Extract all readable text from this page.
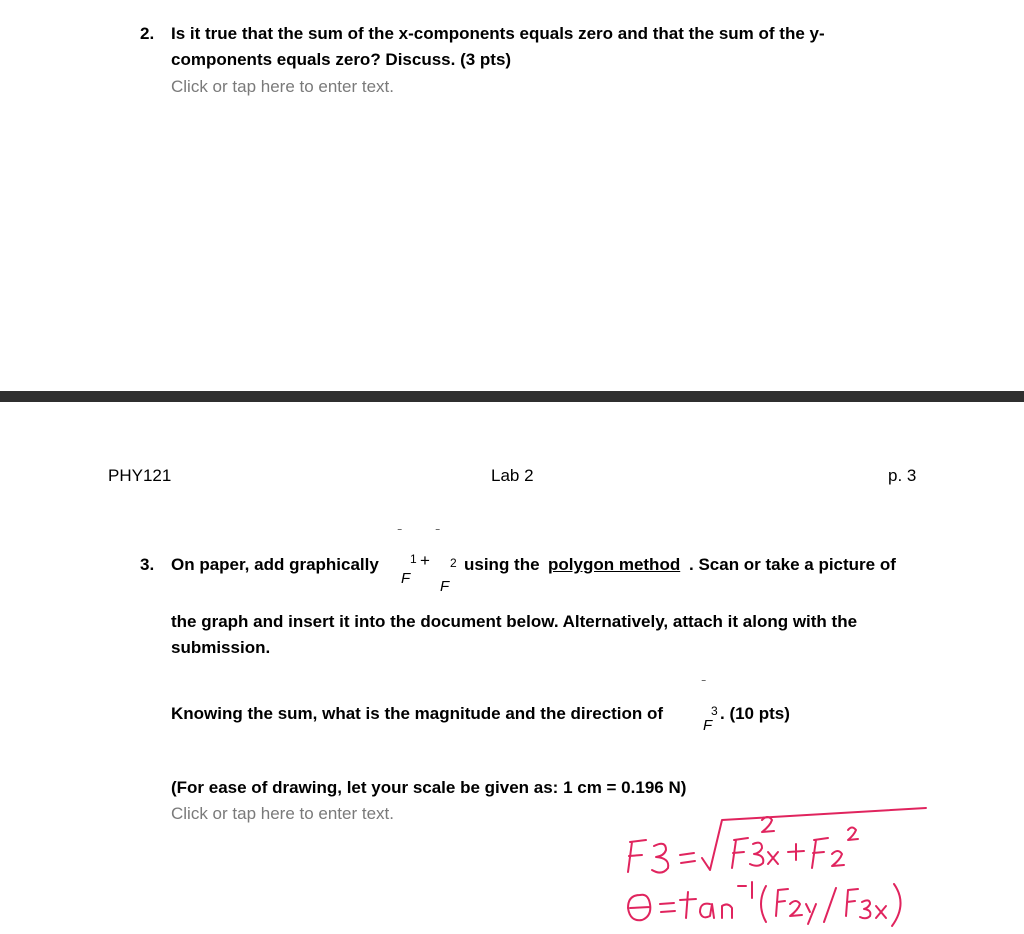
2. Is it true that the sum of the x-components equals zero and that the sum of the y-
components equals zero? Discuss. (3 pts)
Click or tap here to enter text.
PHY121	Lab 2	p. 3
3. On paper, add graphically
‾
1
F
+
‾
2
F
using the polygon method . Scan or take a picture of
the graph and insert it into the document below. Alternatively, attach it along with the
submission.
Knowing the sum, what is the magnitude and the direction of
‾
3
F
. (10 pts)
(For ease of drawing, let your scale be given as: 1 cm = 0.196 N)
Click or tap here to enter text.
